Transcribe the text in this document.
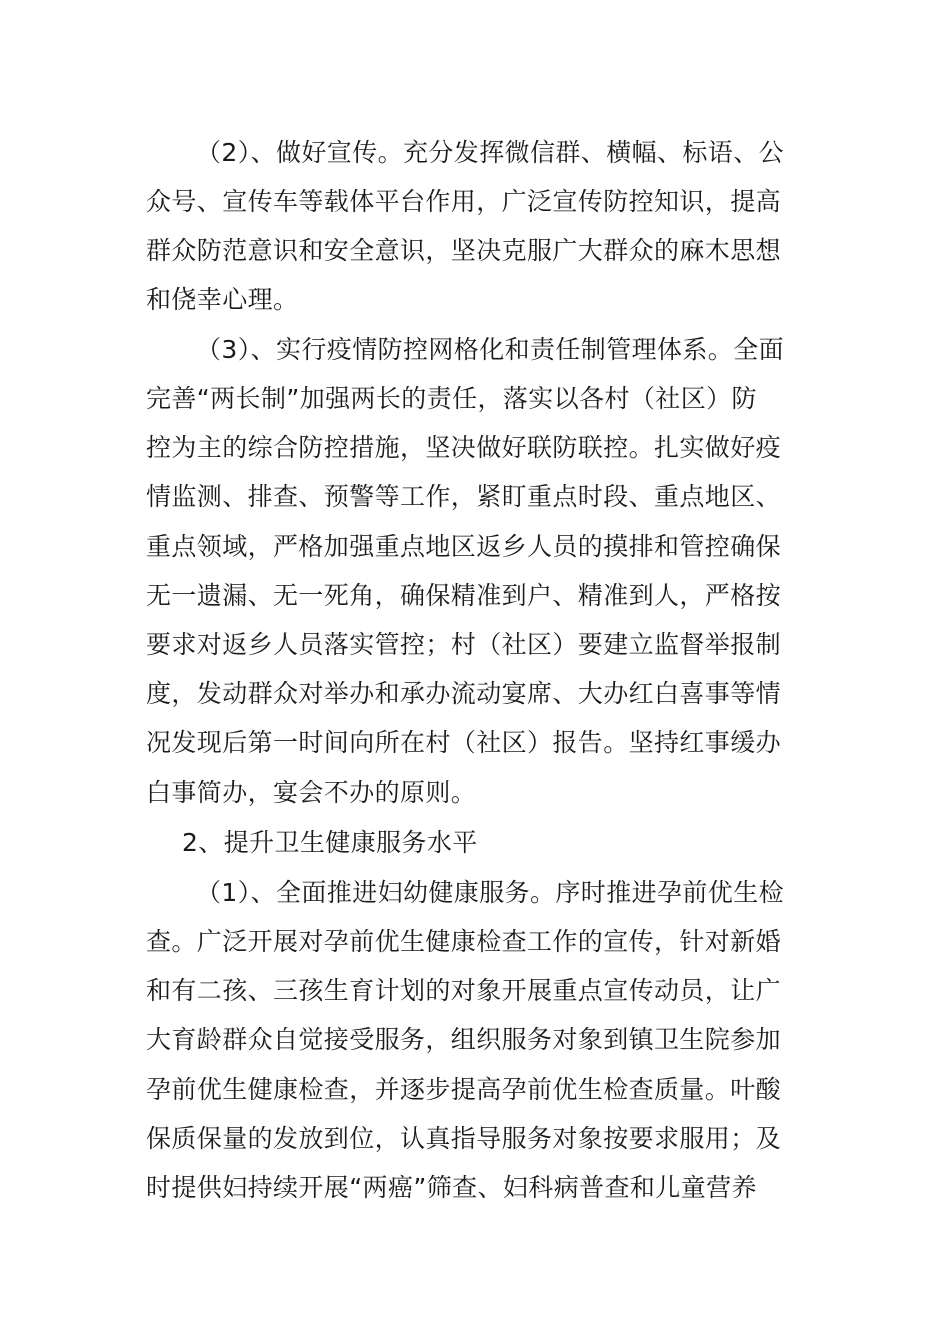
（2）、做好宣传。充分发挥微信群、横幅、标语、公
众号、宣传车等载体平台作用，广泛宣传防控知识，提高
群众防范意识和安全意识，坚决克服广大群众的麻木思想
和侥幸心理。
（3）、实行疫情防控网格化和责任制管理体系。全面
完善“两长制”加强两长的责任，落实以各村（社区）防
控为主的综合防控措施，坚决做好联防联控。扎实做好疫
情监测、排查、预警等工作，紧盯重点时段、重点地区、
重点领域，严格加强重点地区返乡人员的摸排和管控确保
无一遗漏、无一死角，确保精准到户、精准到人，严格按
要求对返乡人员落实管控；村（社区）要建立监督举报制
度，发动群众对举办和承办流动宴席、大办红白喜事等情
况发现后第一时间向所在村（社区）报告。坚持红事缓办
白事简办，宴会不办的原则。
2、提升卫生健康服务水平
（1）、全面推进妇幼健康服务。序时推进孕前优生检
查。广泛开展对孕前优生健康检查工作的宣传，针对新婚
和有二孩、三孩生育计划的对象开展重点宣传动员，让广
大育龄群众自觉接受服务，组织服务对象到镇卫生院参加
孕前优生健康检查，并逐步提高孕前优生检查质量。叶酸
保质保量的发放到位，认真指导服务对象按要求服用；及
时提供妇持续开展“两癌”筛查、妇科病普查和儿童营养
